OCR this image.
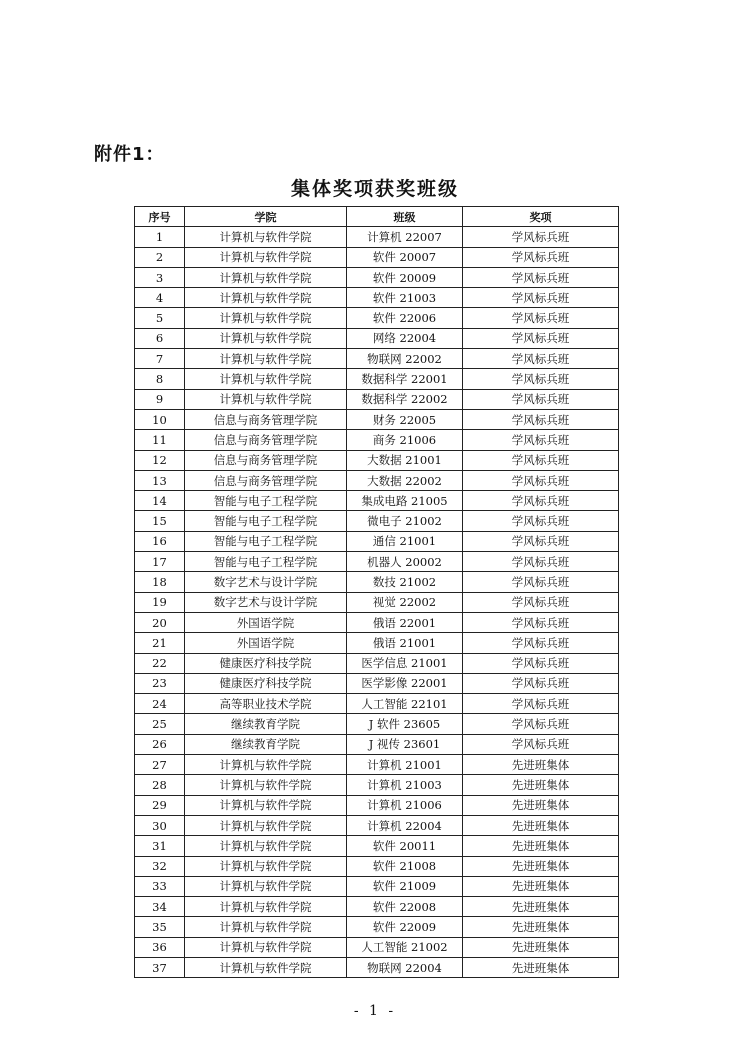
附件1：
集体奖项获奖班级
序号	学院	班级	奖项
1	计算机与软件学院	计算机 22007	学风标兵班
2	计算机与软件学院	软件 20007	学风标兵班
3	计算机与软件学院	软件 20009	学风标兵班
4	计算机与软件学院	软件 21003	学风标兵班
5	计算机与软件学院	软件 22006	学风标兵班
6	计算机与软件学院	网络 22004	学风标兵班
7	计算机与软件学院	物联网 22002	学风标兵班
8	计算机与软件学院	数据科学 22001	学风标兵班
9	计算机与软件学院	数据科学 22002	学风标兵班
10	信息与商务管理学院	财务 22005	学风标兵班
11	信息与商务管理学院	商务 21006	学风标兵班
12	信息与商务管理学院	大数据 21001	学风标兵班
13	信息与商务管理学院	大数据 22002	学风标兵班
14	智能与电子工程学院	集成电路 21005	学风标兵班
15	智能与电子工程学院	微电子 21002	学风标兵班
16	智能与电子工程学院	通信 21001	学风标兵班
17	智能与电子工程学院	机器人 20002	学风标兵班
18	数字艺术与设计学院	数技 21002	学风标兵班
19	数字艺术与设计学院	视觉 22002	学风标兵班
20	外国语学院	俄语 22001	学风标兵班
21	外国语学院	俄语 21001	学风标兵班
22	健康医疗科技学院	医学信息 21001	学风标兵班
23	健康医疗科技学院	医学影像 22001	学风标兵班
24	高等职业技术学院	人工智能 22101	学风标兵班
25	继续教育学院	J 软件 23605	学风标兵班
26	继续教育学院	J 视传 23601	学风标兵班
27	计算机与软件学院	计算机 21001	先进班集体
28	计算机与软件学院	计算机 21003	先进班集体
29	计算机与软件学院	计算机 21006	先进班集体
30	计算机与软件学院	计算机 22004	先进班集体
31	计算机与软件学院	软件 20011	先进班集体
32	计算机与软件学院	软件 21008	先进班集体
33	计算机与软件学院	软件 21009	先进班集体
34	计算机与软件学院	软件 22008	先进班集体
35	计算机与软件学院	软件 22009	先进班集体
36	计算机与软件学院	人工智能 21002	先进班集体
37	计算机与软件学院	物联网 22004	先进班集体
- 1 -
